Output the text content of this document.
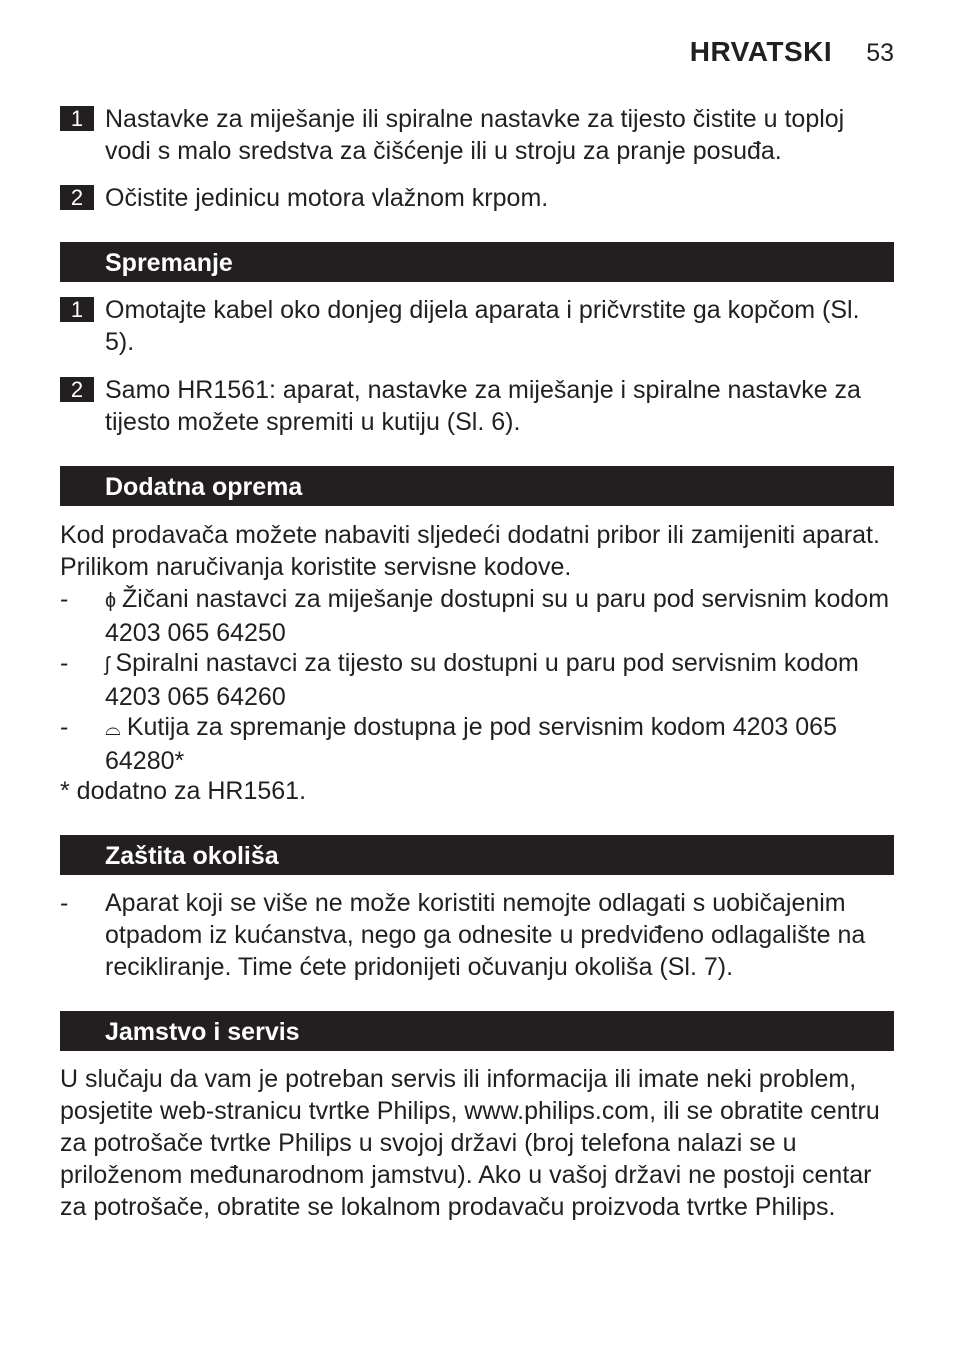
HRVATSKI 53
1 Nastavke za miješanje ili spiralne nastavke za tijesto čistite u toploj vodi s malo sredstva za čišćenje ili u stroju za pranje posuđa.
2 Očistite jedinicu motora vlažnom krpom.
Spremanje
1 Omotajte kabel oko donjeg dijela aparata i pričvrstite ga kopčom (Sl. 5).
2 Samo HR1561: aparat, nastavke za miješanje i spiralne nastavke za tijesto možete spremiti u kutiju (Sl. 6).
Dodatna oprema
Kod prodavača možete nabaviti sljedeći dodatni pribor ili zamijeniti aparat. Prilikom naručivanja koristite servisne kodove.
- ɸ Žičani nastavci za miješanje dostupni su u paru pod servisnim kodom 4203 065 64250
- ʃ Spiralni nastavci za tijesto su dostupni u paru pod servisnim kodom 4203 065 64260
- ⌓ Kutija za spremanje dostupna je pod servisnim kodom 4203 065 64280*
* dodatno za HR1561.
Zaštita okoliša
- Aparat koji se više ne može koristiti nemojte odlagati s uobičajenim otpadom iz kućanstva, nego ga odnesite u predviđeno odlagalište na recikliranje. Time ćete pridonijeti očuvanju okoliša (Sl. 7).
Jamstvo i servis
U slučaju da vam je potreban servis ili informacija ili imate neki problem, posjetite web-stranicu tvrtke Philips, www.philips.com, ili se obratite centru za potrošače tvrtke Philips u svojoj državi (broj telefona nalazi se u priloženom međunarodnom jamstvu). Ako u vašoj državi ne postoji centar za potrošače, obratite se lokalnom prodavaču proizvoda tvrtke Philips.
